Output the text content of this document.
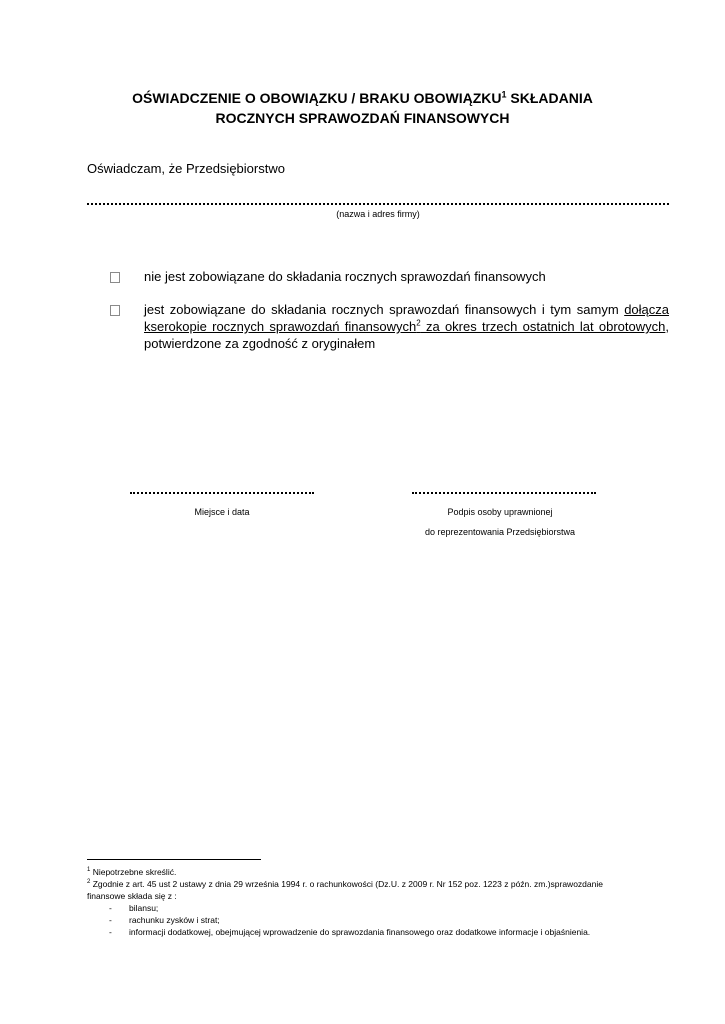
OŚWIADCZENIE O OBOWIĄZKU / BRAKU OBOWIĄZKU$^1$ SKŁADANIA
ROCZNYCH SPRAWOZDAŃ FINANSOWYCH
Oświadczam, że Przedsiębiorstwo
(nazwa i adres firmy)
nie jest zobowiązane do składania rocznych sprawozdań finansowych
jest zobowiązane do składania rocznych sprawozdań finansowych i tym samym dołącza kserokopie rocznych sprawozdań finansowych$^2$ za okres trzech ostatnich lat obrotowych, potwierdzone za zgodność z oryginałem
Miejsce i data	Podpis osoby uprawnionej
do reprezentowania Przedsiębiorstwa
$^1$ Niepotrzebne skreślić.
$^2$ Zgodnie z art. 45 ust 2 ustawy z dnia 29 września 1994 r. o rachunkowości (Dz.U. z 2009 r. Nr 152 poz. 1223 z późn. zm.)sprawozdanie finansowe składa się z :
- bilansu;
- rachunku zysków i strat;
- informacji dodatkowej, obejmującej wprowadzenie do sprawozdania finansowego oraz dodatkowe informacje i objaśnienia.
